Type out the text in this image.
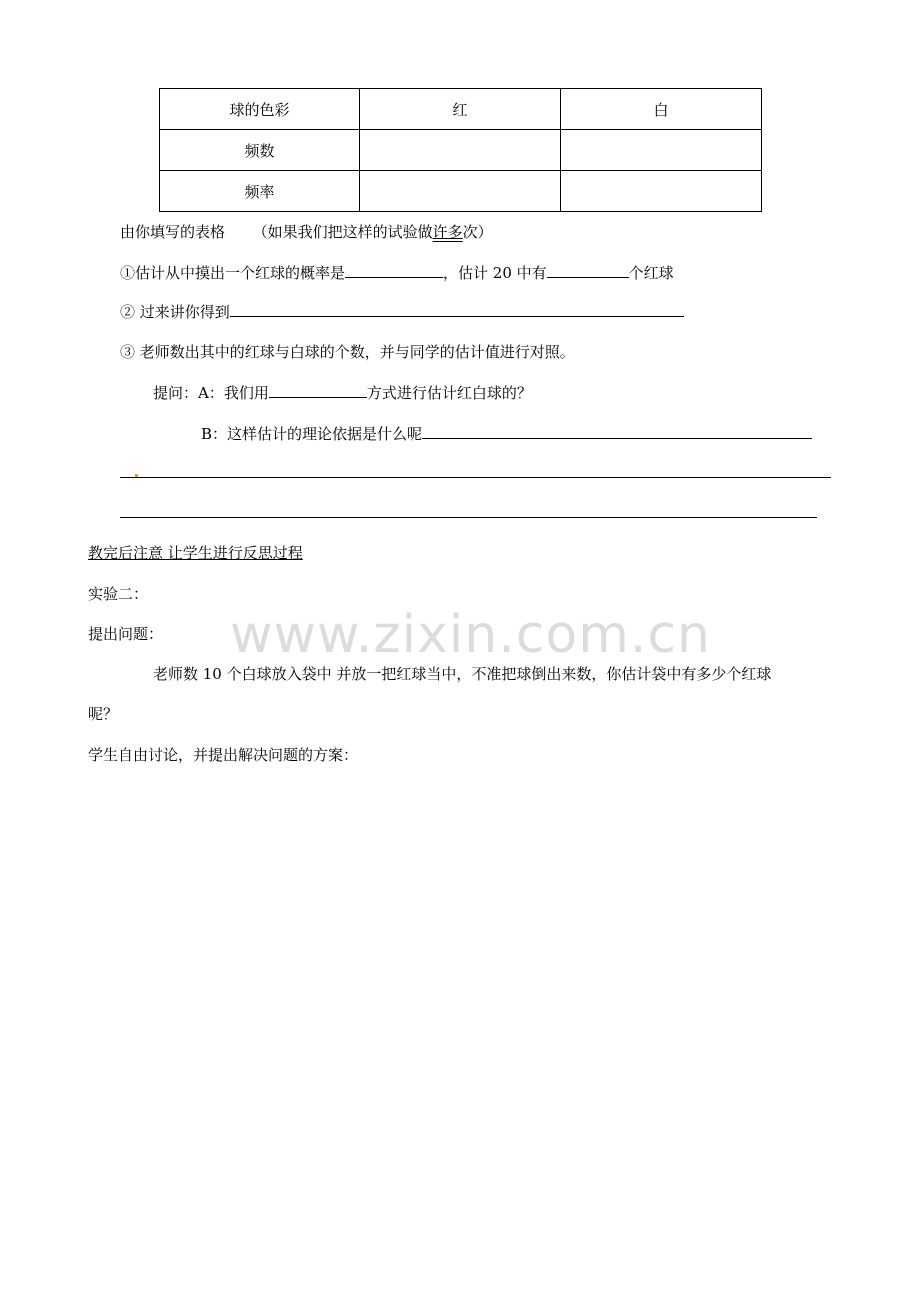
球的色彩	红	白
频数		
频率		
由你填写的表格 （如果我们把这样的试验做许多次）
①估计从中摸出一个红球的概率是	，估计 20 中有	个红球
② 过来讲你得到
③ 老师数出其中的红球与白球的个数，并与同学的估计值进行对照。
提问：A：我们用	方式进行估计红白球的？
B：这样估计的理论依据是什么呢
教完后注意 让学生进行反思过程
实验二：
提出问题： www.zixin.com.cn
老师数 10 个白球放入袋中 并放一把红球当中，不准把球倒出来数，你估计袋中有多少个红球
呢？
学生自由讨论，并提出解决问题的方案：
